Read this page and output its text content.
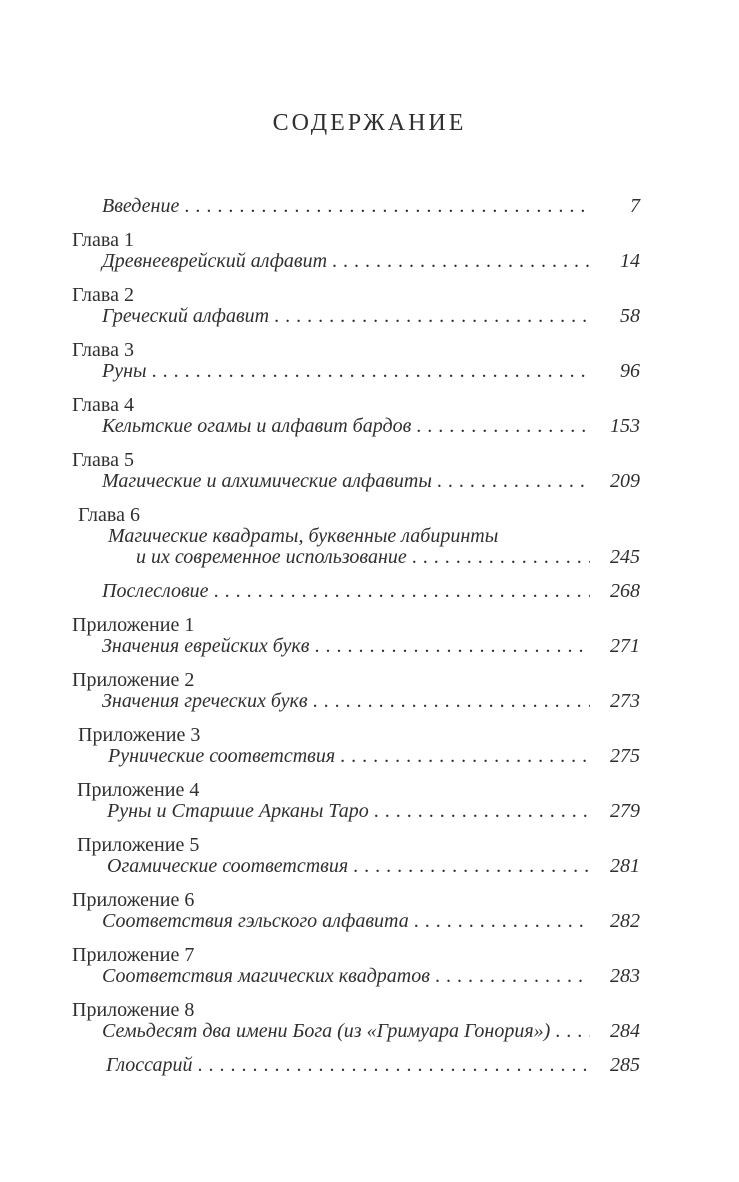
СОДЕРЖАНИЕ
Введение .....	7
Глава 1
Древнееврейский алфавит .....	14
Глава 2
Греческий алфавит .....	58
Глава 3
Руны .....	96
Глава 4
Кельтские огамы и алфавит бардов .....	153
Глава 5
Магические и алхимические алфавиты .....	209
Глава 6
Магические квадраты, буквенные лабиринты
и их современное использование .....	245
Послесловие .....	268
Приложение 1
Значения еврейских букв .....	271
Приложение 2
Значения греческих букв .....	273
Приложение 3
Рунические соответствия .....	275
Приложение 4
Руны и Старшие Арканы Таро .....	279
Приложение 5
Огамические соответствия .....	281
Приложение 6
Соответствия гэльского алфавита .....	282
Приложение 7
Соответствия магических квадратов .....	283
Приложение 8
Семьдесят два имени Бога (из «Гримуара Гонория») .....	284
Глоссарий .....	285
